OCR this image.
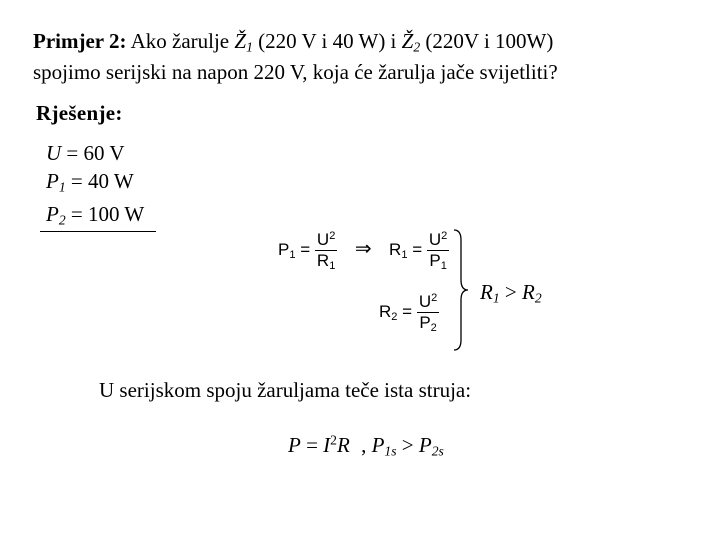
Primjer 2: Ako žarulje $Ž_1$ (220 V i 40 W) i $Ž_2$ (220V i 100W)
spojimo serijski na napon 220 V, koja će žarulja jače svijetliti?
Rješenje:
U = 60 V
$P_1 = 40$ W
$P_2 = 100$ W
$P_1 = \frac{U^2}{R_1}$ ⇒ $R_1 = \frac{U^2}{P_1}$
$R_2 = \frac{U^2}{P_2} R_1 > R_2$
U serijskom spoju žaruljama teče ista struja:
$P = I^2R$ , $P_{1s} > P_{2s}$
